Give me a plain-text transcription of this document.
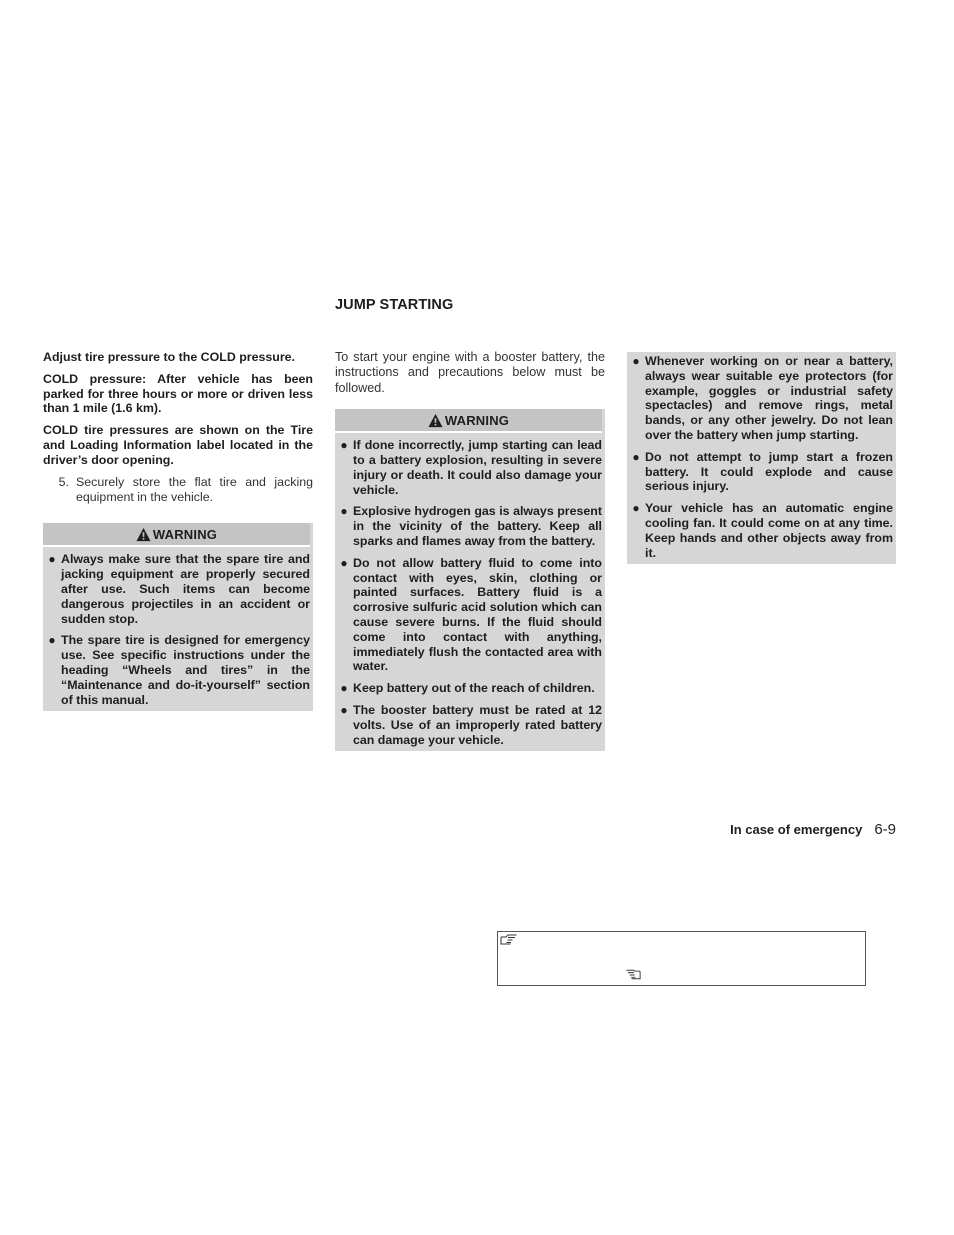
JUMP STARTING

Adjust tire pressure to the COLD pressure.

COLD pressure: After vehicle has been parked for three hours or more or driven less than 1 mile (1.6 km).

COLD tire pressures are shown on the Tire and Loading Information label located in the driver’s door opening.

5. Securely store the flat tire and jacking equipment in the vehicle.
WARNING
● Always make sure that the spare tire and jacking equipment are properly secured after use. Such items can become dangerous projectiles in an accident or sudden stop.
● The spare tire is designed for emergency use. See specific instructions under the heading “Wheels and tires” in the “Maintenance and do-it-yourself” section of this manual.

To start your engine with a booster battery, the instructions and precautions below must be followed.

WARNING
● If done incorrectly, jump starting can lead to a battery explosion, resulting in severe injury or death. It could also damage your vehicle.
● Explosive hydrogen gas is always present in the vicinity of the battery. Keep all sparks and flames away from the battery.
● Do not allow battery fluid to come into contact with eyes, skin, clothing or painted surfaces. Battery fluid is a corrosive sulfuric acid solution which can cause severe burns. If the fluid should come into contact with anything, immediately flush the contacted area with water.
● Keep battery out of the reach of children.
● The booster battery must be rated at 12 volts. Use of an improperly rated battery can damage your vehicle.
● Whenever working on or near a battery, always wear suitable eye protectors (for example, goggles or industrial safety spectacles) and remove rings, metal bands, or any other jewelry. Do not lean over the battery when jump starting.
● Do not attempt to jump start a frozen battery. It could explode and cause serious injury.
● Your vehicle has an automatic engine cooling fan. It could come on at any time. Keep hands and other objects away from it.
In case of emergency 6-9
